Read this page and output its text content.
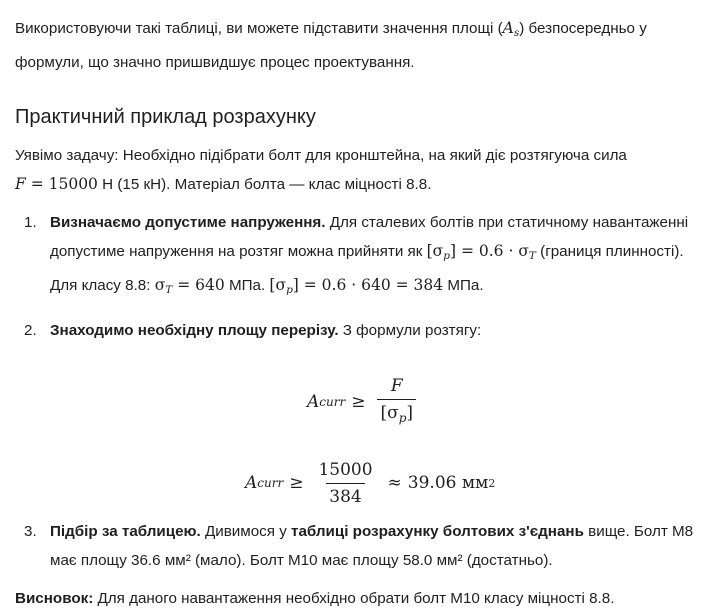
Використовуючи такі таблиці, ви можете підставити значення площі $(A_s)$ безпосередньо у формули, що значно пришвидшує процес проектування.

Практичний приклад розрахунку

Уявімо задачу: Необхідно підібрати болт для кронштейна, на який діє розтягуюча сила
F = 15000 Н (15 кН). Матеріал болта — клас міцності 8.8.

1. Визначаємо допустиме напруження. Для сталевих болтів при статичному навантаженні допустиме напруження на розтяг можна прийняти як $[\sigma_p] = 0.6 \cdot \sigma_T$ (границя плинності). Для класу 8.8: $\sigma_T = 640$ МПа. $[\sigma_p] = 0.6 \cdot 640 = 384$ МПа.
2. Знаходимо необхідну площу перерізу. З формули розтягу:
A curr ≥ $\frac{F}{[\sigma_p]}$
A curr ≥ $\frac{15000}{384} \approx 39.06$ мм 2
3. Підбір за таблицею. Дивимося у таблиці розрахунку болтових з'єднань вище. Болт М8 має площу 36.6 мм² (мало). Болт М10 має площу 58.0 мм² (достатньо).

Висновок: Для даного навантаження необхідно обрати болт М10 класу міцності 8.8.
